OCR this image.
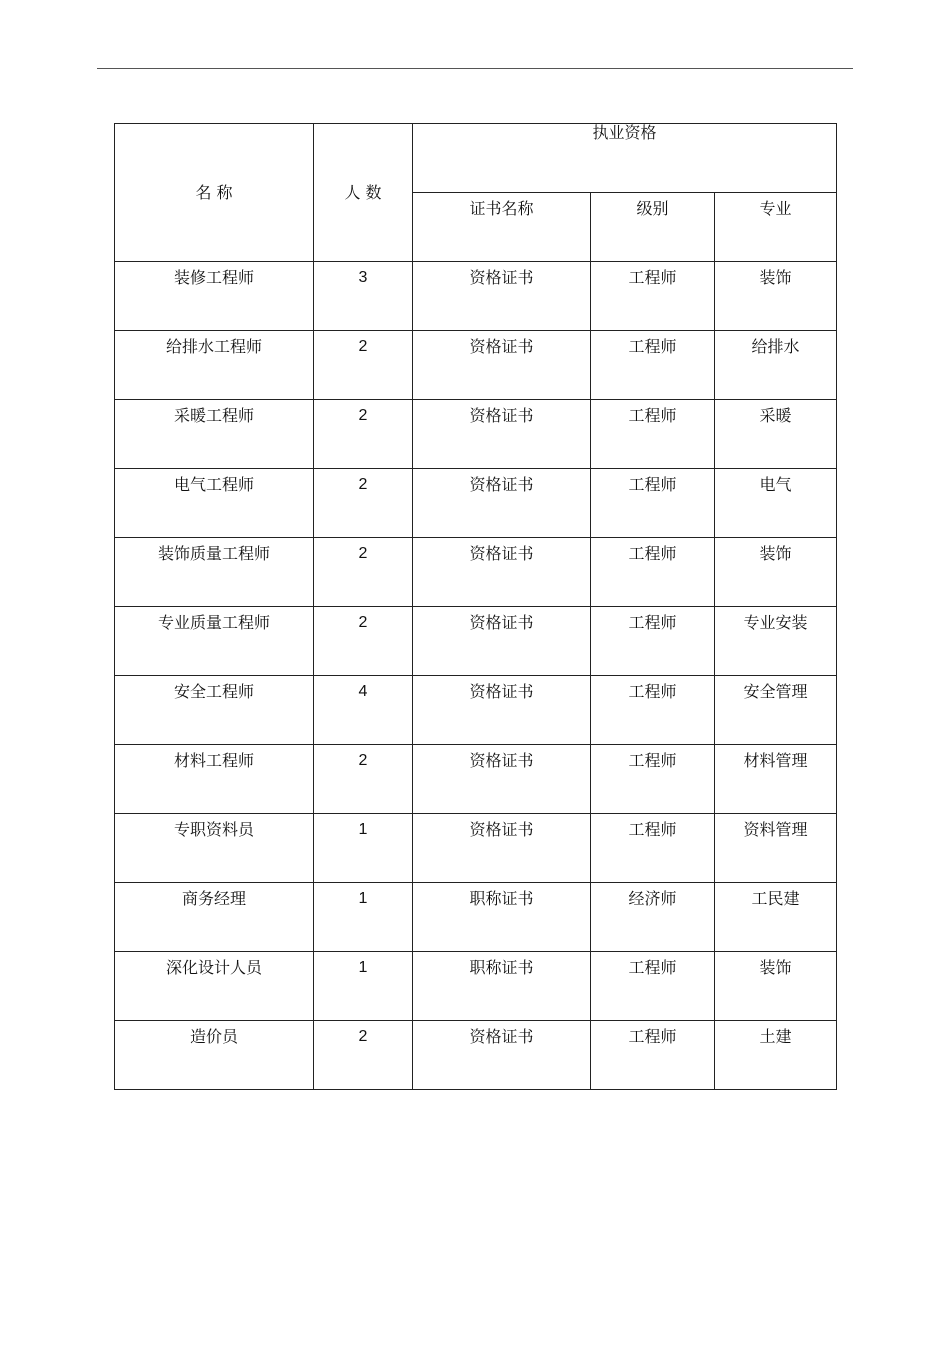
名 称	人 数	执业资格		

		证书名称	级别	专业
装修工程师	3	资格证书	工程师	装饰
给排水工程师	2	资格证书	工程师	给排水
采暖工程师	2	资格证书	工程师	采暖
电气工程师	2	资格证书	工程师	电气
装饰质量工程师	2	资格证书	工程师	装饰
专业质量工程师	2	资格证书	工程师	专业安装
安全工程师	4	资格证书	工程师	安全管理
材料工程师	2	资格证书	工程师	材料管理
专职资料员	1	资格证书	工程师	资料管理
商务经理	1	职称证书	经济师	工民建
深化设计人员	1	职称证书	工程师	装饰
造价员	2	资格证书	工程师	土建
